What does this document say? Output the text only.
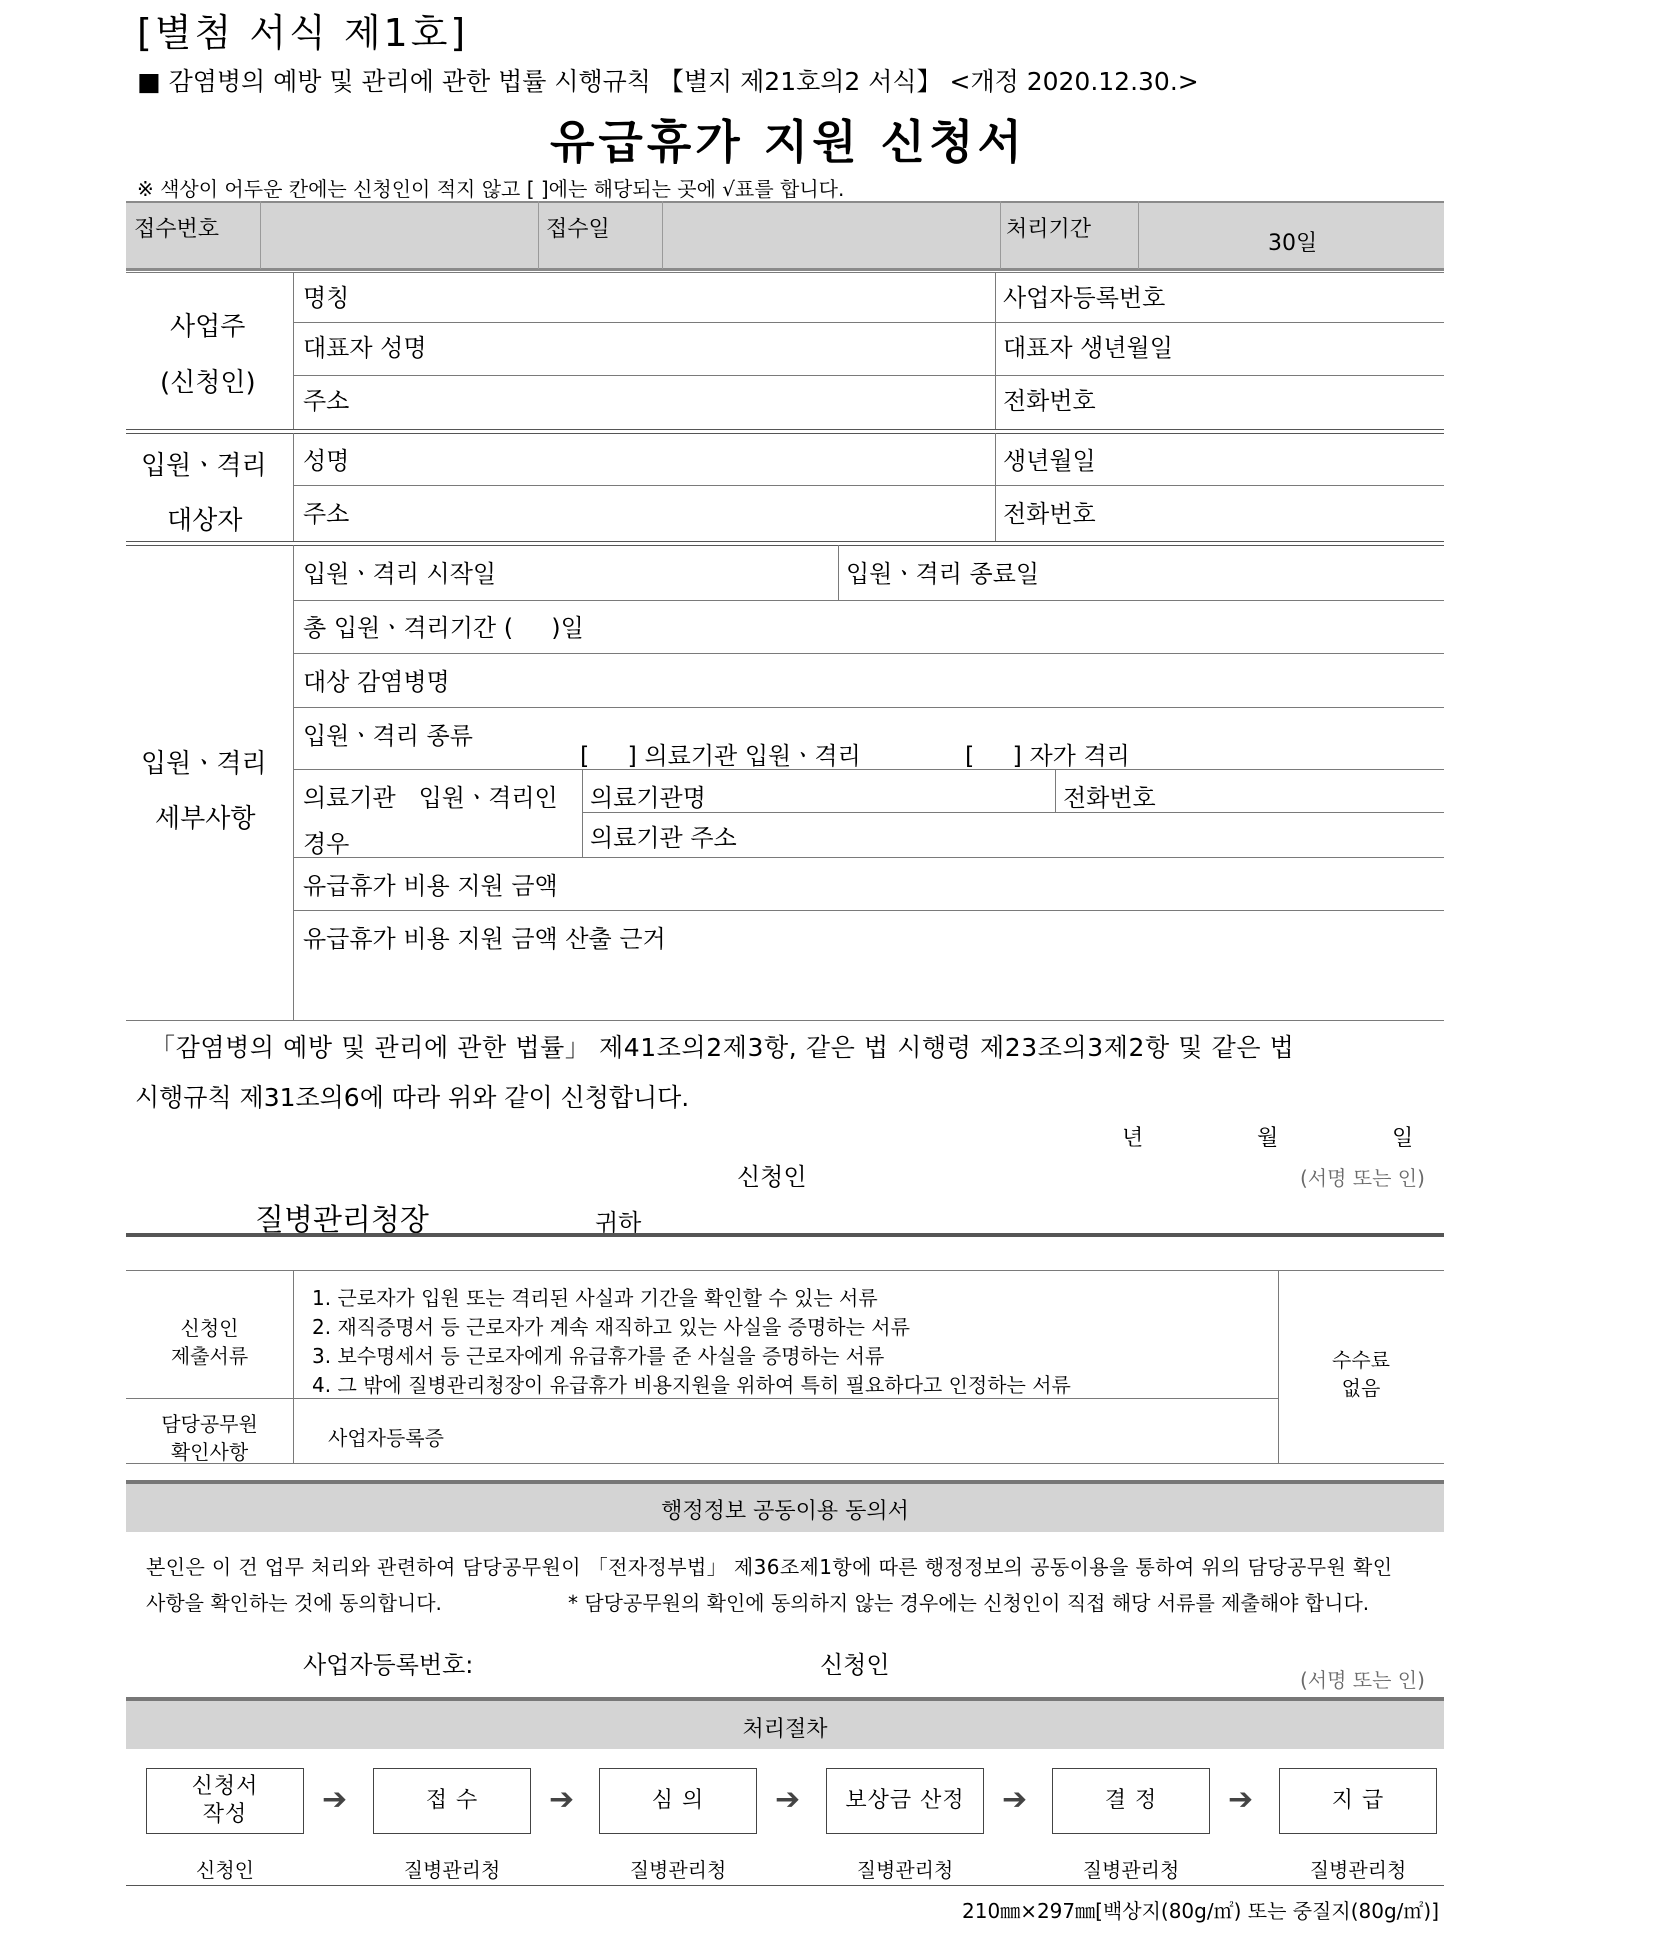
[별첨 서식 제1호]
■ 감염병의 예방 및 관리에 관한 법률 시행규칙 【별지 제21호의2 서식】 <개정 2020.12.30.>
유급휴가 지원 신청서
※ 색상이 어두운 칸에는 신청인이 적지 않고 [ ]에는 해당되는 곳에 √표를 합니다.
접수번호	접수일	처리기간
30일
사업주
(신청인)
명칭	사업자등록번호
대표자 성명	대표자 생년월일
주소	전화번호
입원ㆍ격리
대상자
성명	생년월일
주소	전화번호
입원ㆍ격리
세부사항
입원ㆍ격리 시작일	입원ㆍ격리 종료일
총 입원ㆍ격리기간 (     )일
대상 감염병명
입원ㆍ격리 종류
[     ] 의료기관 입원ㆍ격리	[     ] 자가 격리
의료기관   입원ㆍ격리인
경우
의료기관명	전화번호
의료기관 주소
유급휴가 비용 지원 금액
유급휴가 비용 지원 금액 산출 근거
「감염병의 예방 및 관리에 관한 법률」 제41조의2제3항, 같은 법 시행령 제23조의3제2항 및 같은 법
시행규칙 제31조의6에 따라 위와 같이 신청합니다.
년	월	일
신청인	(서명 또는 인)
질병관리청장	귀하
신청인
제출서류
1. 근로자가 입원 또는 격리된 사실과 기간을 확인할 수 있는 서류
2. 재직증명서 등 근로자가 계속 재직하고 있는 사실을 증명하는 서류
3. 보수명세서 등 근로자에게 유급휴가를 준 사실을 증명하는 서류
4. 그 밖에 질병관리청장이 유급휴가 비용지원을 위하여 특히 필요하다고 인정하는 서류
담당공무원
확인사항
사업자등록증
수수료
없음
행정정보 공동이용 동의서
본인은 이 건 업무 처리와 관련하여 담당공무원이 「전자정부법」 제36조제1항에 따른 행정정보의 공동이용을 통하여 위의 담당공무원 확인
사항을 확인하는 것에 동의합니다.	* 담당공무원의 확인에 동의하지 않는 경우에는 신청인이 직접 해당 서류를 제출해야 합니다.
사업자등록번호:	신청인
(서명 또는 인)
처리절차
신청서
작성	➔	접 수 ➔	심 의 ➔ 보상금 산정 ➔	결 정 ➔	지 급
신청인	질병관리청	질병관리청	질병관리청	질병관리청	질병관리청
210㎜×297㎜[백상지(80g/㎡) 또는 중질지(80g/㎡)]
